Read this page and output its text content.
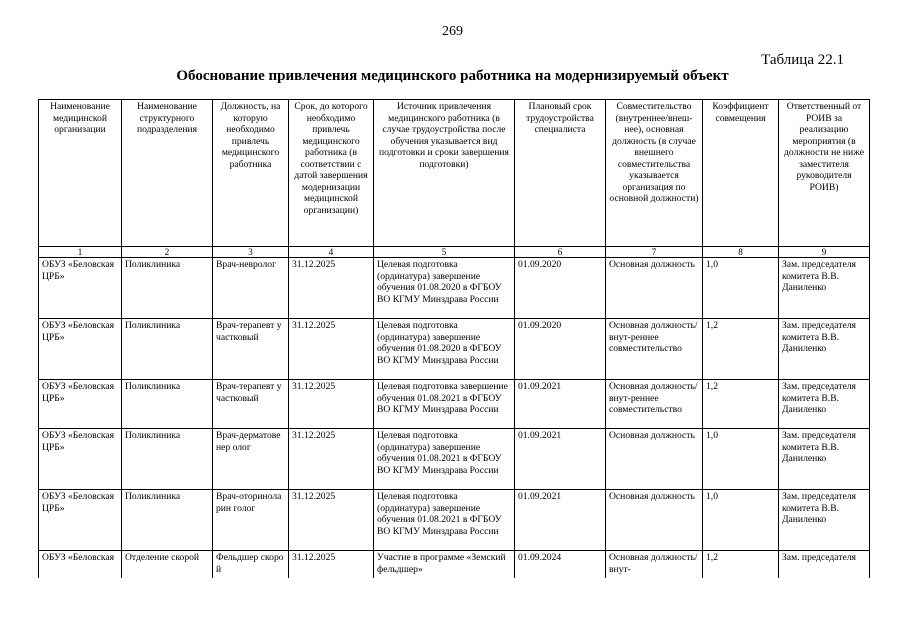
269
Таблица 22.1
Обоснование привлечения медицинского работника на модернизируемый объект
Наименование медицинской организации	Наименование структурного подразделения	Должность, на которую необходимо привлечь медицинского работника	Срок, до которого необходимо привлечь медицинского работника (в соответствии с датой завершения модернизации медицинской организации)	Источник привлечения медицинского работника (в случае трудоустройства после обучения указывается вид подготовки и сроки завершения подготовки)	Плановый срок трудоустройства специалиста	Совместительство (внутреннее/внеш-нее), основная должность (в случае внешнего совместительства указывается организация по основной должности)	Коэффициент совмещения	Ответственный от РОИВ за реализацию мероприятия (в должности не ниже заместителя руководителя РОИВ)
1	2	3	4	5	6	7	8	9
ОБУЗ «Беловская ЦРБ»	Поликлиника	Врач-невролог	31.12.2025	Целевая подготовка (ординатура) завершение обучения 01.08.2020 в ФГБОУ ВО КГМУ Минздрава России	01.09.2020	Основная должность	1,0	Зам. председателя комитета В.В. Даниленко
ОБУЗ «Беловская ЦРБ»	Поликлиника	Врач-терапевт участковый	31.12.2025	Целевая подготовка (ординатура) завершение обучения 01.08.2020 в ФГБОУ ВО КГМУ Минздрава России	01.09.2020	Основная должность/внут-реннее совместительство	1,2	Зам. председателя комитета В.В. Даниленко
ОБУЗ «Беловская ЦРБ»	Поликлиника	Врач-терапевт участковый	31.12.2025	Целевая подготовка завершение обучения 01.08.2021 в ФГБОУ ВО КГМУ Минздрава России	01.09.2021	Основная должность/внут-реннее совместительство	1,2	Зам. председателя комитета В.В. Даниленко
ОБУЗ «Беловская ЦРБ»	Поликлиника	Врач-дерматовенер олог	31.12.2025	Целевая подготовка (ординатура) завершение обучения 01.08.2021 в ФГБОУ ВО КГМУ Минздрава России	01.09.2021	Основная должность	1,0	Зам. председателя комитета В.В. Даниленко
ОБУЗ «Беловская ЦРБ»	Поликлиника	Врач-оториноларин голог	31.12.2025	Целевая подготовка (ординатура) завершение обучения 01.08.2021 в ФГБОУ ВО КГМУ Минздрава России	01.09.2021	Основная должность	1,0	Зам. председателя комитета В.В. Даниленко
ОБУЗ «Беловская	Отделение скорой	Фельдшер скорой	31.12.2025	Участие в программе «Земский фельдшер»	01.09.2024	Основная должность/внут-	1,2	Зам. председателя
